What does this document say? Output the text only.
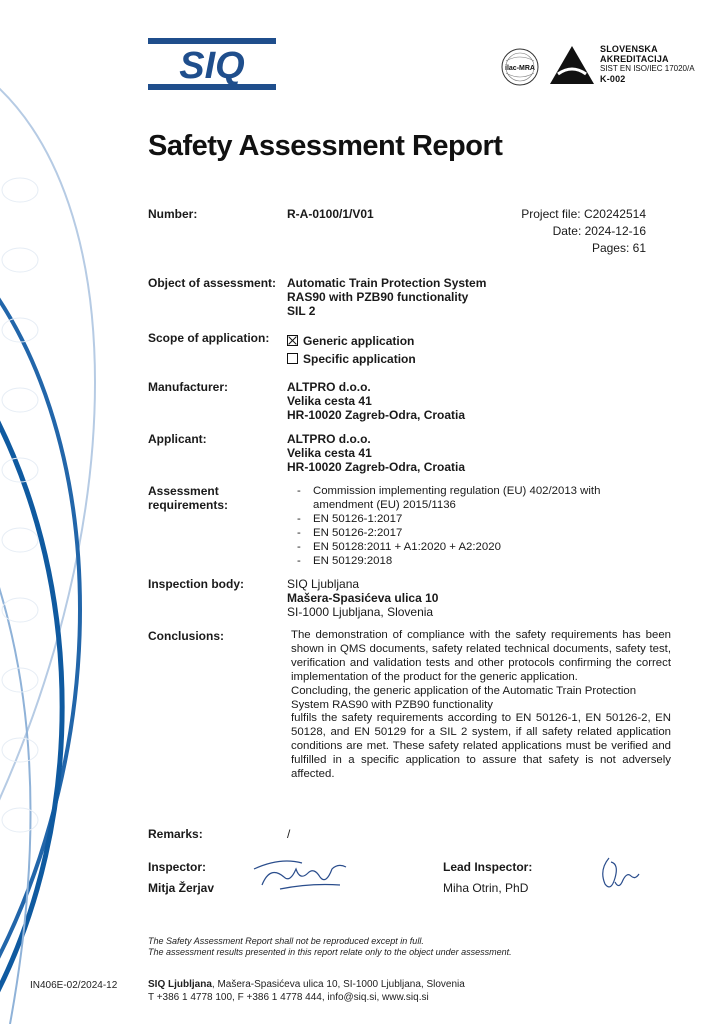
SIQ	ilac-MRA
SLOVENSKA
AKREDITACIJA
SIST EN ISO/IEC 17020/A
K-002
Safety Assessment Report
Number:	R-A-0100/1/V01	Project file: C20242514
Date: 2024-12-16
Pages: 61
Object of assessment: Automatic Train Protection System
RAS90 with PZB90 functionality
SIL 2
Scope of application:	Generic application
Specific application
Manufacturer:	ALTPRO d.o.o.
Velika cesta 41
HR-10020 Zagreb-Odra, Croatia
Applicant:	ALTPRO d.o.o.
Velika cesta 41
HR-10020 Zagreb-Odra, Croatia
Assessment
requirements:
-	Commission implementing regulation (EU) 402/2013 with amendment (EU) 2015/1136
-	EN 50126-1:2017
-	EN 50126-2:2017
-	EN 50128:2011 + A1:2020 + A2:2020
-	EN 50129:2018
Inspection body:	SIQ Ljubljana
Mašera-Spasićeva ulica 10
SI-1000 Ljubljana, Slovenia
Conclusions:	The demonstration of compliance with the safety requirements has been shown in QMS documents, safety related technical documents, safety test, verification and validation tests and other protocols confirming the correct implementation of the product for the generic application.

Concluding, the generic application of the Automatic Train Protection System RAS90 with PZB90 functionality

fulfils the safety requirements according to EN 50126-1, EN 50126-2, EN 50128, and EN 50129 for a SIL 2 system, if all safety related application conditions are met. These safety related applications must be verified and fulfilled in a specific application to assure that safety is not adversely affected.

Remarks:	/
Inspector:
Mitja Žerjav
Lead Inspector:
Miha Otrin, PhD
The Safety Assessment Report shall not be reproduced except in full.
The assessment results presented in this report relate only to the object under assessment.
IN406E-02/2024-12	SIQ Ljubljana, Mašera-Spasićeva ulica 10, SI-1000 Ljubljana, Slovenia
T +386 1 4778 100, F +386 1 4778 444, info@siq.si, www.siq.si
